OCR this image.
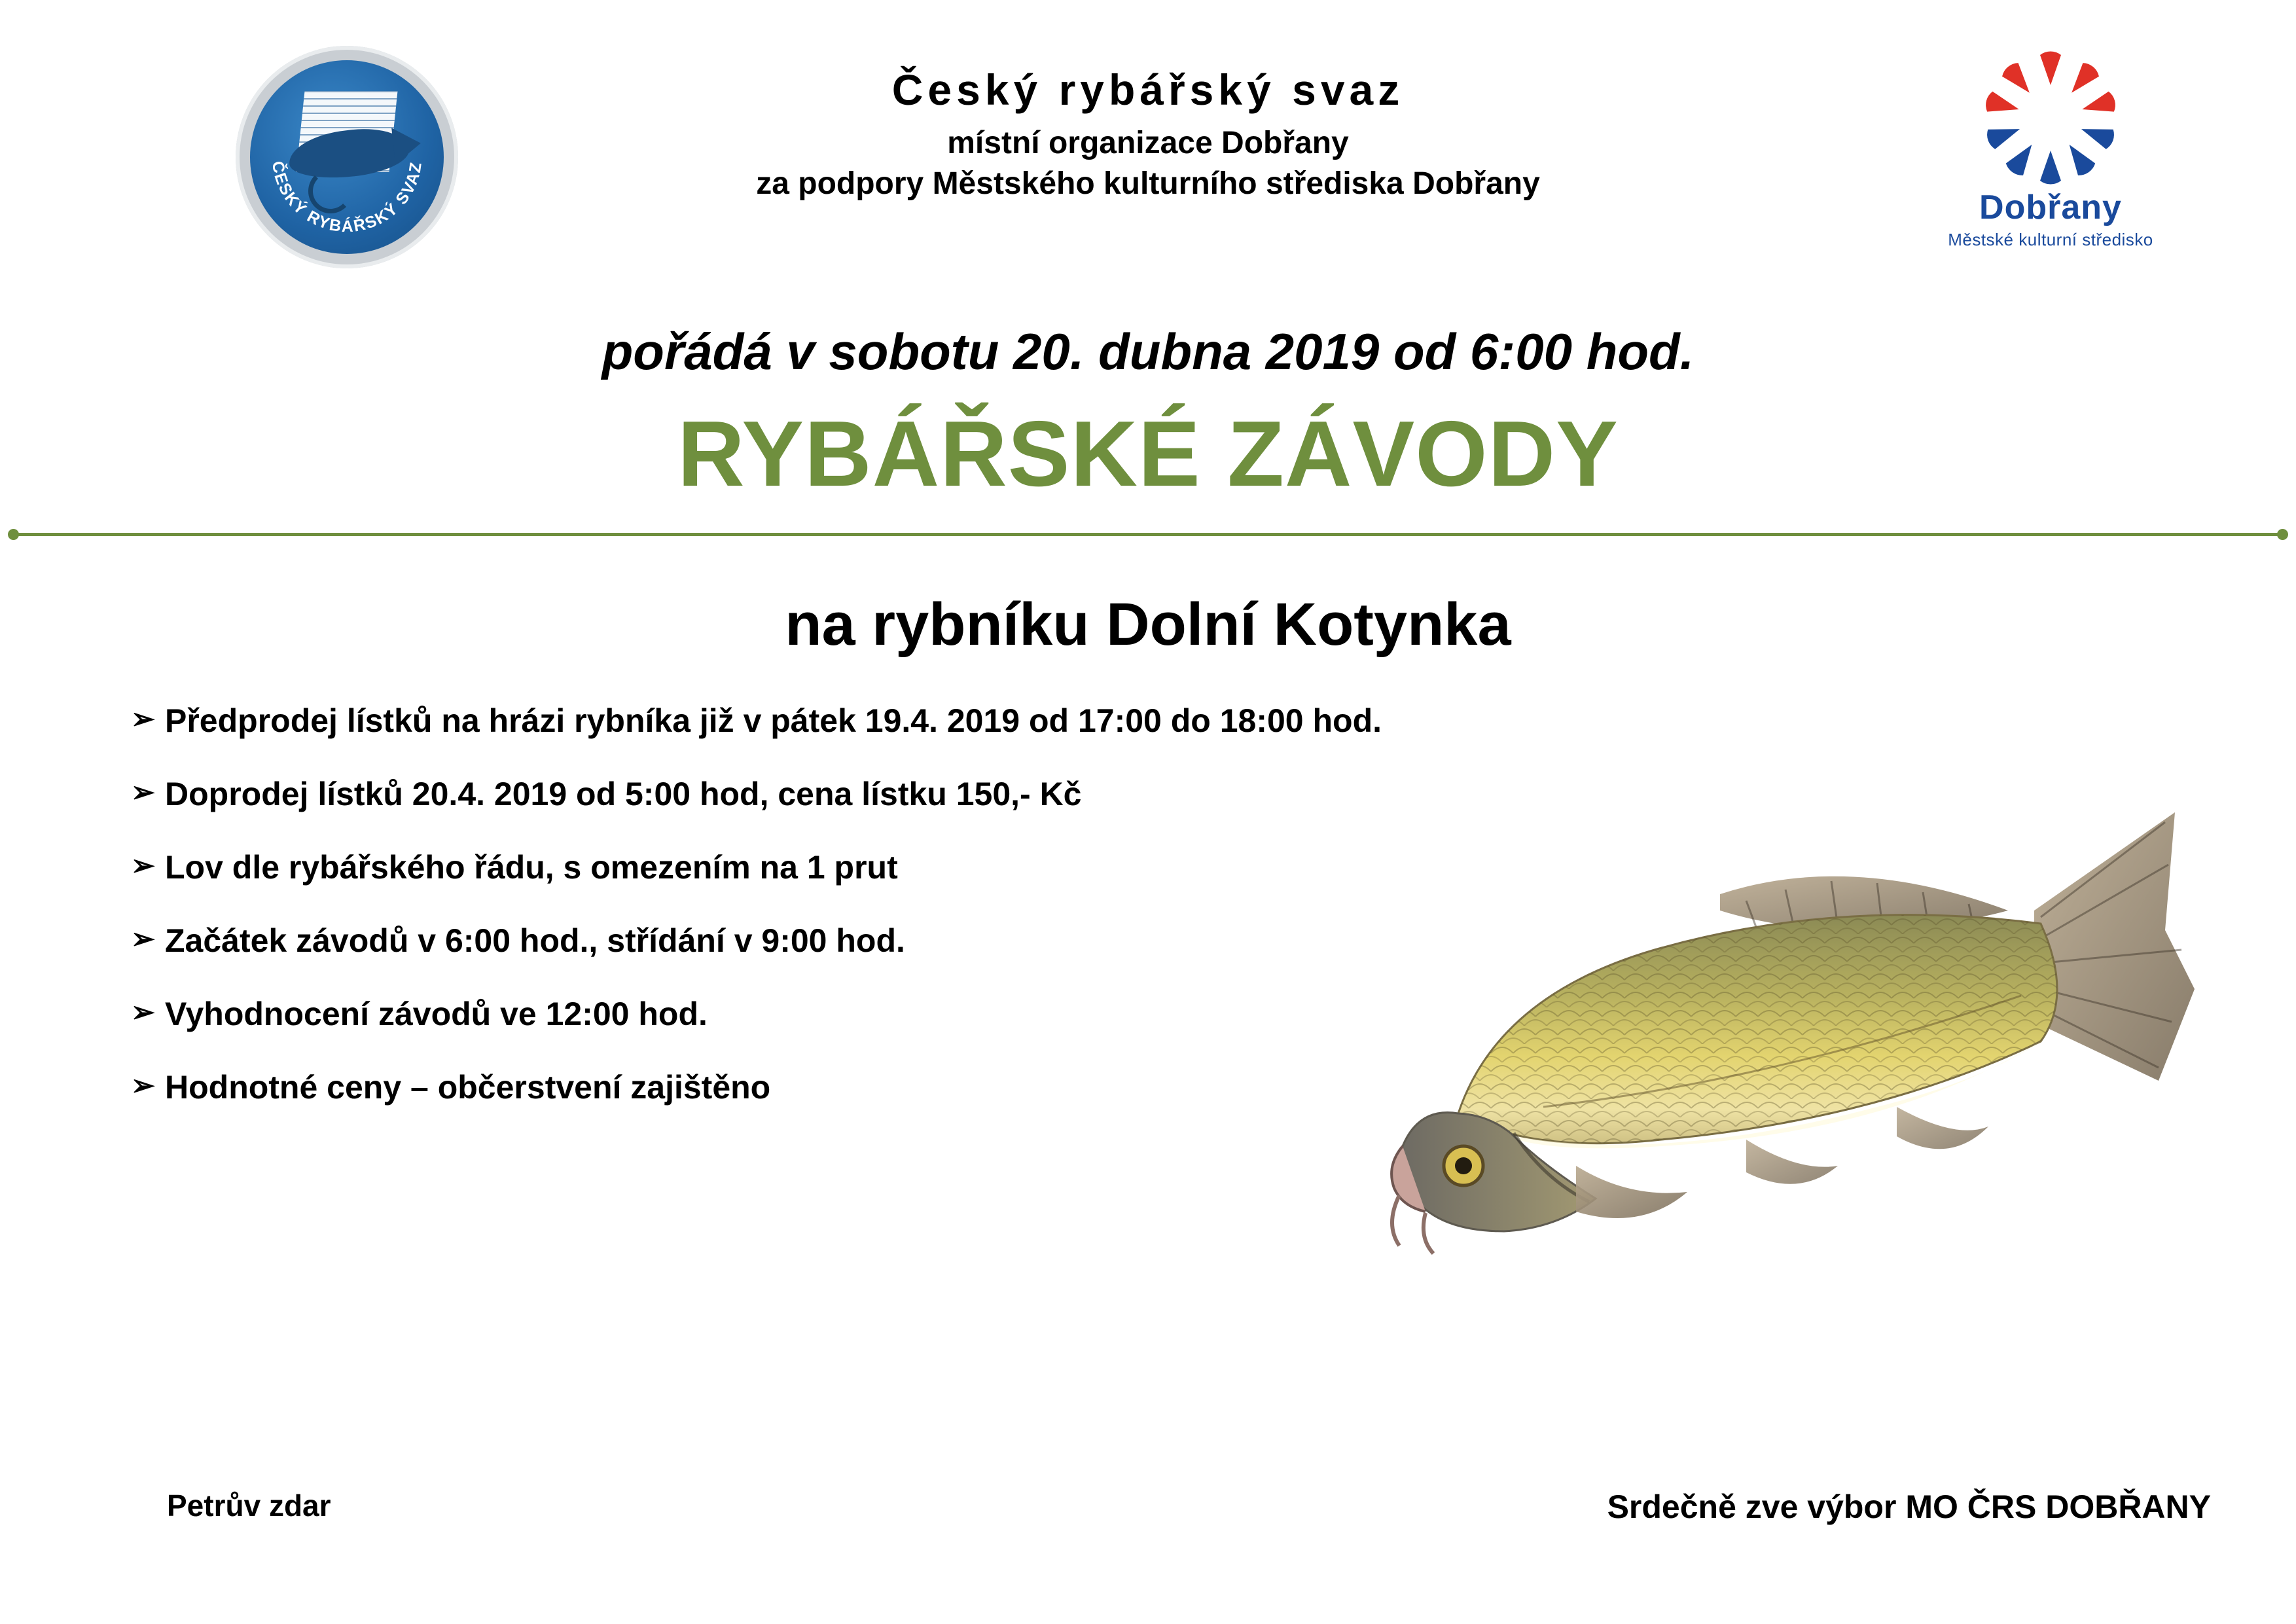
ČESKÝ RYBÁŘSKÝ SVAZ
Český rybářský svaz
místní organizace Dobřany
za podpory Městského kulturního střediska Dobřany
Dobřany
Městské kulturní středisko
pořádá v sobotu 20. dubna 2019 od 6:00 hod.
RYBÁŘSKÉ ZÁVODY
na rybníku Dolní Kotynka
➢ Předprodej lístků na hrázi rybníka již v pátek 19.4. 2019 od 17:00 do 18:00 hod.
➢ Doprodej lístků 20.4. 2019 od 5:00 hod, cena lístku 150,- Kč
➢ Lov dle rybářského řádu, s omezením na 1 prut
➢ Začátek závodů v 6:00 hod., střídání v 9:00 hod.
➢ Vyhodnocení závodů ve 12:00 hod.
➢ Hodnotné ceny – občerstvení zajištěno
Petrův zdar	Srdečně zve výbor MO ČRS DOBŘANY
